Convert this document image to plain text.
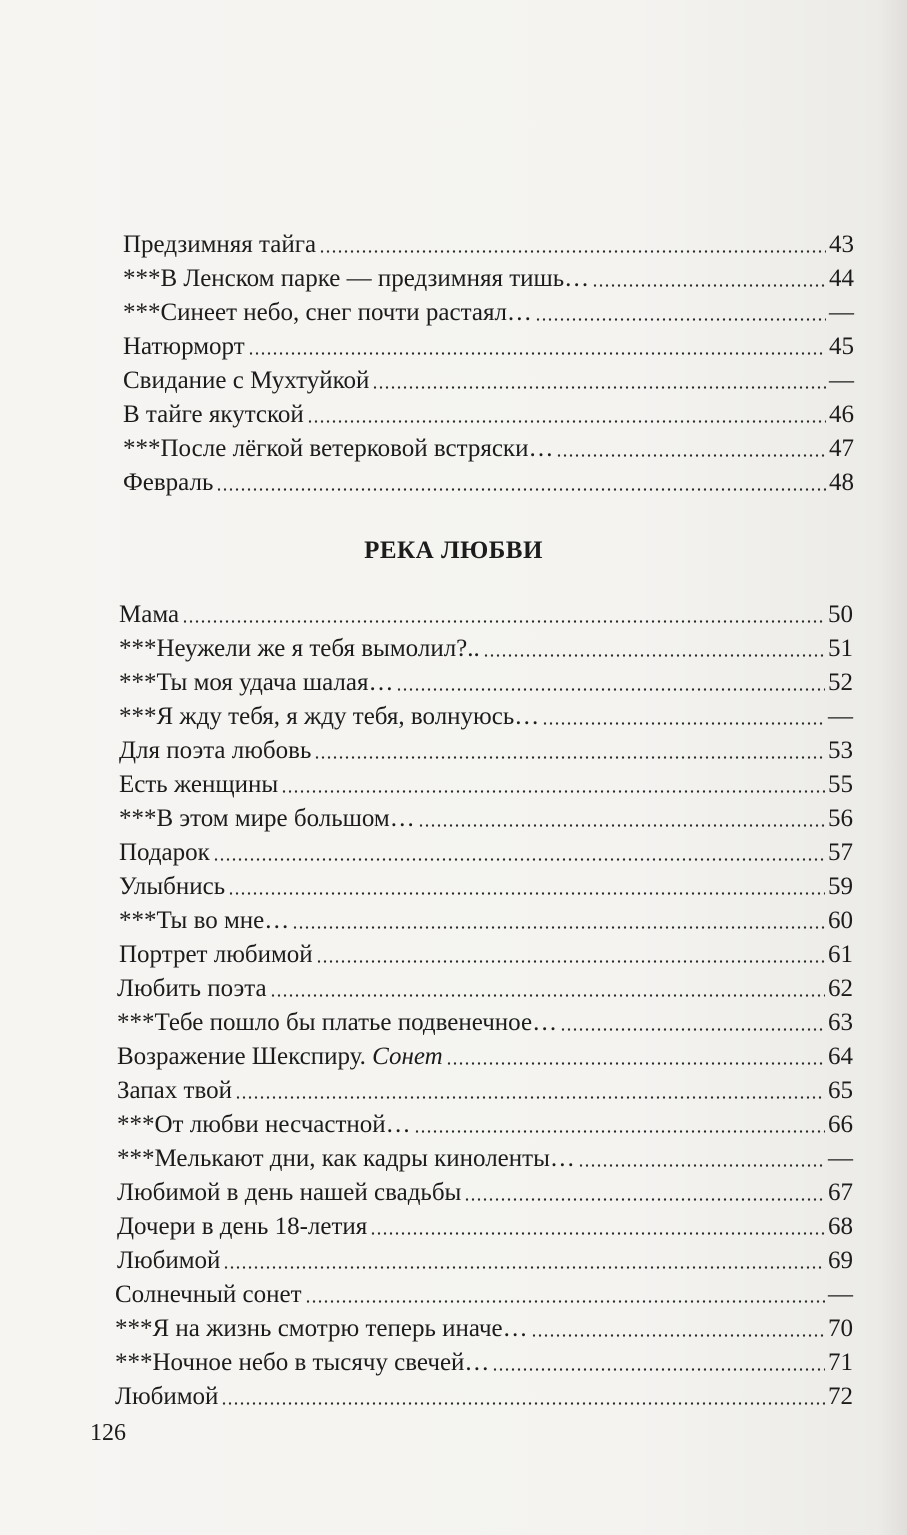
Предзимняя тайга	43
***В Ленском парке — предзимняя тишь…	44
***Синеет небо, снег почти растаял…	—
Натюрморт	45
Свидание с Мухтуйкой	—
В тайге якутской	46
***После лёгкой ветерковой встряски…	47
Февраль	48
РЕКА ЛЮБВИ
Мама	50
***Неужели же я тебя вымолил?..	51
***Ты моя удача шалая…	52
***Я жду тебя, я жду тебя, волнуюсь…	—
Для поэта любовь	53
Есть женщины	55
***В этом мире большом…	56
Подарок	57
Улыбнись	59
***Ты во мне…	60
Портрет любимой	61
Любить поэта	62
***Тебе пошло бы платье подвенечное…	63
Возражение Шекспиру. Сонет	64
Запах твой	65
***От любви несчастной…	66
***Мелькают дни, как кадры киноленты…	—
Любимой в день нашей свадьбы	67
Дочери в день 18-летия	68
Любимой	69
Солнечный сонет	—
***Я на жизнь смотрю теперь иначе…	70
***Ночное небо в тысячу свечей…	71
Любимой	72
126
